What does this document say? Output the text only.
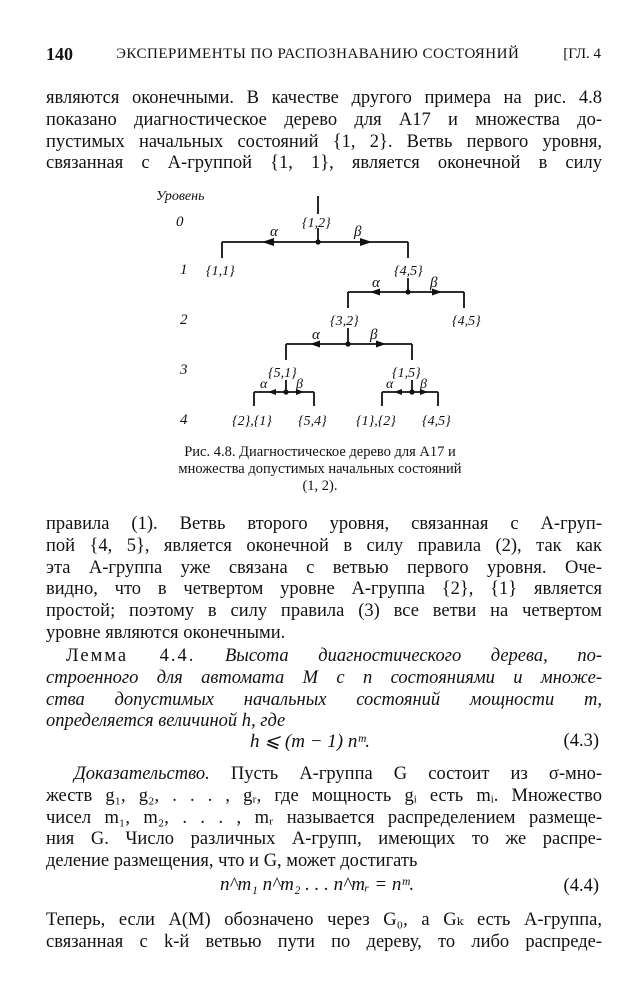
140	ЭКСПЕРИМЕНТЫ ПО РАСПОЗНАВАНИЮ СОСТОЯНИЙ	[ГЛ. 4
являются оконечными. В качестве другого примера на рис. 4.8
показано диагностическое дерево для A17 и множества до-
пустимых начальных состояний {1, 2}. Ветвь первого уровня,
связанная с A-группой {1, 1}, является оконечной в силу
Уровень
0
1
2
3
4
{1,2}
{1,1}	{4,5}
{3,2}	{4,5}
{5,1}	{1,5}
{2},{1} {5,4} {1},{2} {4,5}
α	β
α	β
α	β
α β	α β
Рис. 4.8. Диагностическое дерево для A17 и
множества допустимых начальных состояний
(1, 2).
правила (1). Ветвь второго уровня, связанная с A-груп-
пой {4, 5}, является оконечной в силу правила (2), так как
эта A-группа уже связана с ветвью первого уровня. Оче-
видно, что в четвертом уровне A-группа {2}, {1} является
простой; поэтому в силу правила (3) все ветви на четвертом
уровне являются оконечными.
Лемма 4.4. Высота диагностического дерева, по-
строенного для автомата M с n состояниями и множе-
ства допустимых начальных состояний мощности m,
определяется величиной h, где
h ⩽ (m − 1) nᵐ.	(4.3)
Доказательство. Пусть A-группа G состоит из σ-мно-
жеств g₁, g₂, . . . , gᵣ, где мощность gᵢ есть mᵢ. Множество
чисел m₁, m₂, . . . , mᵣ называется распределением размеще-
ния G. Число различных A-групп, имеющих то же распре-
деление размещения, что и G, может достигать
n^m₁ n^m₂ . . . n^mᵣ = nᵐ.	(4.4)
Теперь, если A(M) обозначено через G₀, а Gₖ есть A-группа,
связанная с k-й ветвью пути по дереву, то либо распреде-
